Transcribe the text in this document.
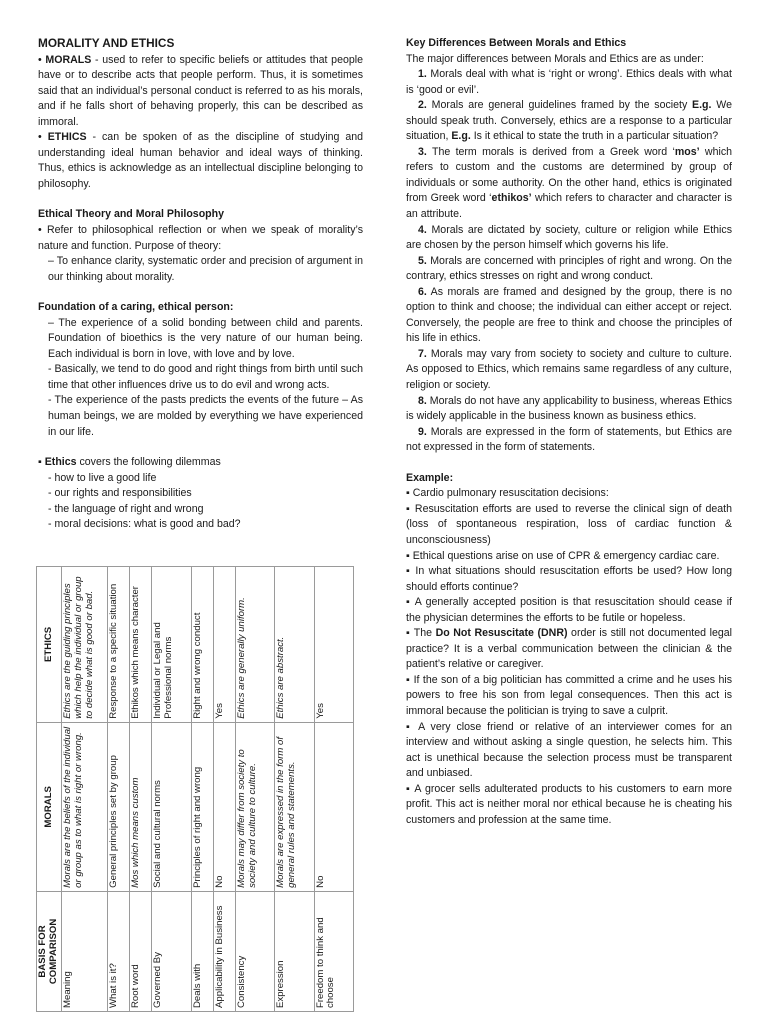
MORALITY AND ETHICS

• MORALS - used to refer to specific beliefs or attitudes that people have or to describe acts that people perform. Thus, it is sometimes said that an individual’s personal conduct is referred to as his morals, and if he falls short of behaving properly, this can be described as immoral.

• ETHICS - can be spoken of as the discipline of studying and understanding ideal human behavior and ideal ways of thinking. Thus, ethics is acknowledge as an intellectual discipline belonging to philosophy.

Ethical Theory and Moral Philosophy

• Refer to philosophical reflection or when we speak of morality’s nature and function. Purpose of theory:

– To enhance clarity, systematic order and precision of argument in our thinking about morality.

Foundation of a caring, ethical person:

– The experience of a solid bonding between child and parents. Foundation of bioethics is the very nature of our human being. Each individual is born in love, with love and by love.

- Basically, we tend to do good and right things from birth until such time that other influences drive us to do evil and wrong acts.

- The experience of the pasts predicts the events of the future – As human beings, we are molded by everything we have experienced in our life.

▪ Ethics covers the following dilemmas

- how to live a good life
- our rights and responsibilities
- the language of right and wrong
- moral decisions: what is good and bad?
BASIS FOR COMPARISON	MORALS	ETHICS
Meaning	Morals are the beliefs of the individual or group as to what is right or wrong.	Ethics are the guiding principles which help the individual or group to decide what is good or bad.
What is it?	General principles set by group	Response to a specific situation
Root word	Mos which means custom	Ethikos which means character
Governed By	Social and cultural norms	Individual or Legal and Professional norms
Deals with	Principles of right and wrong	Right and wrong conduct
Applicability in Business	No	Yes
Consistency	Morals may differ from society to society and culture to culture.	Ethics are generally uniform.
Expression	Morals are expressed in the form of general rules and statements.	Ethics are abstract.
Freedom to think and choose	No	Yes

Key Differences Between Morals and Ethics

The major differences between Morals and Ethics are as under:

1. Morals deal with what is ‘right or wrong’. Ethics deals with what is ‘good or evil’.

2. Morals are general guidelines framed by the society E.g. We should speak truth. Conversely, ethics are a response to a particular situation, E.g. Is it ethical to state the truth in a particular situation?

3. The term morals is derived from a Greek word ‘mos’ which refers to custom and the customs are determined by group of individuals or some authority. On the other hand, ethics is originated from Greek word ‘ethikos’ which refers to character and character is an attribute.

4. Morals are dictated by society, culture or religion while Ethics are chosen by the person himself which governs his life.

5. Morals are concerned with principles of right and wrong. On the contrary, ethics stresses on right and wrong conduct.

6. As morals are framed and designed by the group, there is no option to think and choose; the individual can either accept or reject. Conversely, the people are free to think and choose the principles of his life in ethics.

7. Morals may vary from society to society and culture to culture. As opposed to Ethics, which remains same regardless of any culture, religion or society.

8. Morals do not have any applicability to business, whereas Ethics is widely applicable in the business known as business ethics.

9. Morals are expressed in the form of statements, but Ethics are not expressed in the form of statements.

Example:

▪ Cardio pulmonary resuscitation decisions:

▪ Resuscitation efforts are used to reverse the clinical sign of death (loss of spontaneous respiration, loss of cardiac function & unconsciousness)

▪ Ethical questions arise on use of CPR & emergency cardiac care.

▪ In what situations should resuscitation efforts be used? How long should efforts continue?

▪ A generally accepted position is that resuscitation should cease if the physician determines the efforts to be futile or hopeless.

▪ The Do Not Resuscitate (DNR) order is still not documented legal practice? It is a verbal communication between the clinician & the patient’s relative or caregiver.

▪ If the son of a big politician has committed a crime and he uses his powers to free his son from legal consequences. Then this act is immoral because the politician is trying to save a culprit.

▪ A very close friend or relative of an interviewer comes for an interview and without asking a single question, he selects him. This act is unethical because the selection process must be transparent and unbiased.

▪ A grocer sells adulterated products to his customers to earn more profit. This act is neither moral nor ethical because he is cheating his customers and profession at the same time.
